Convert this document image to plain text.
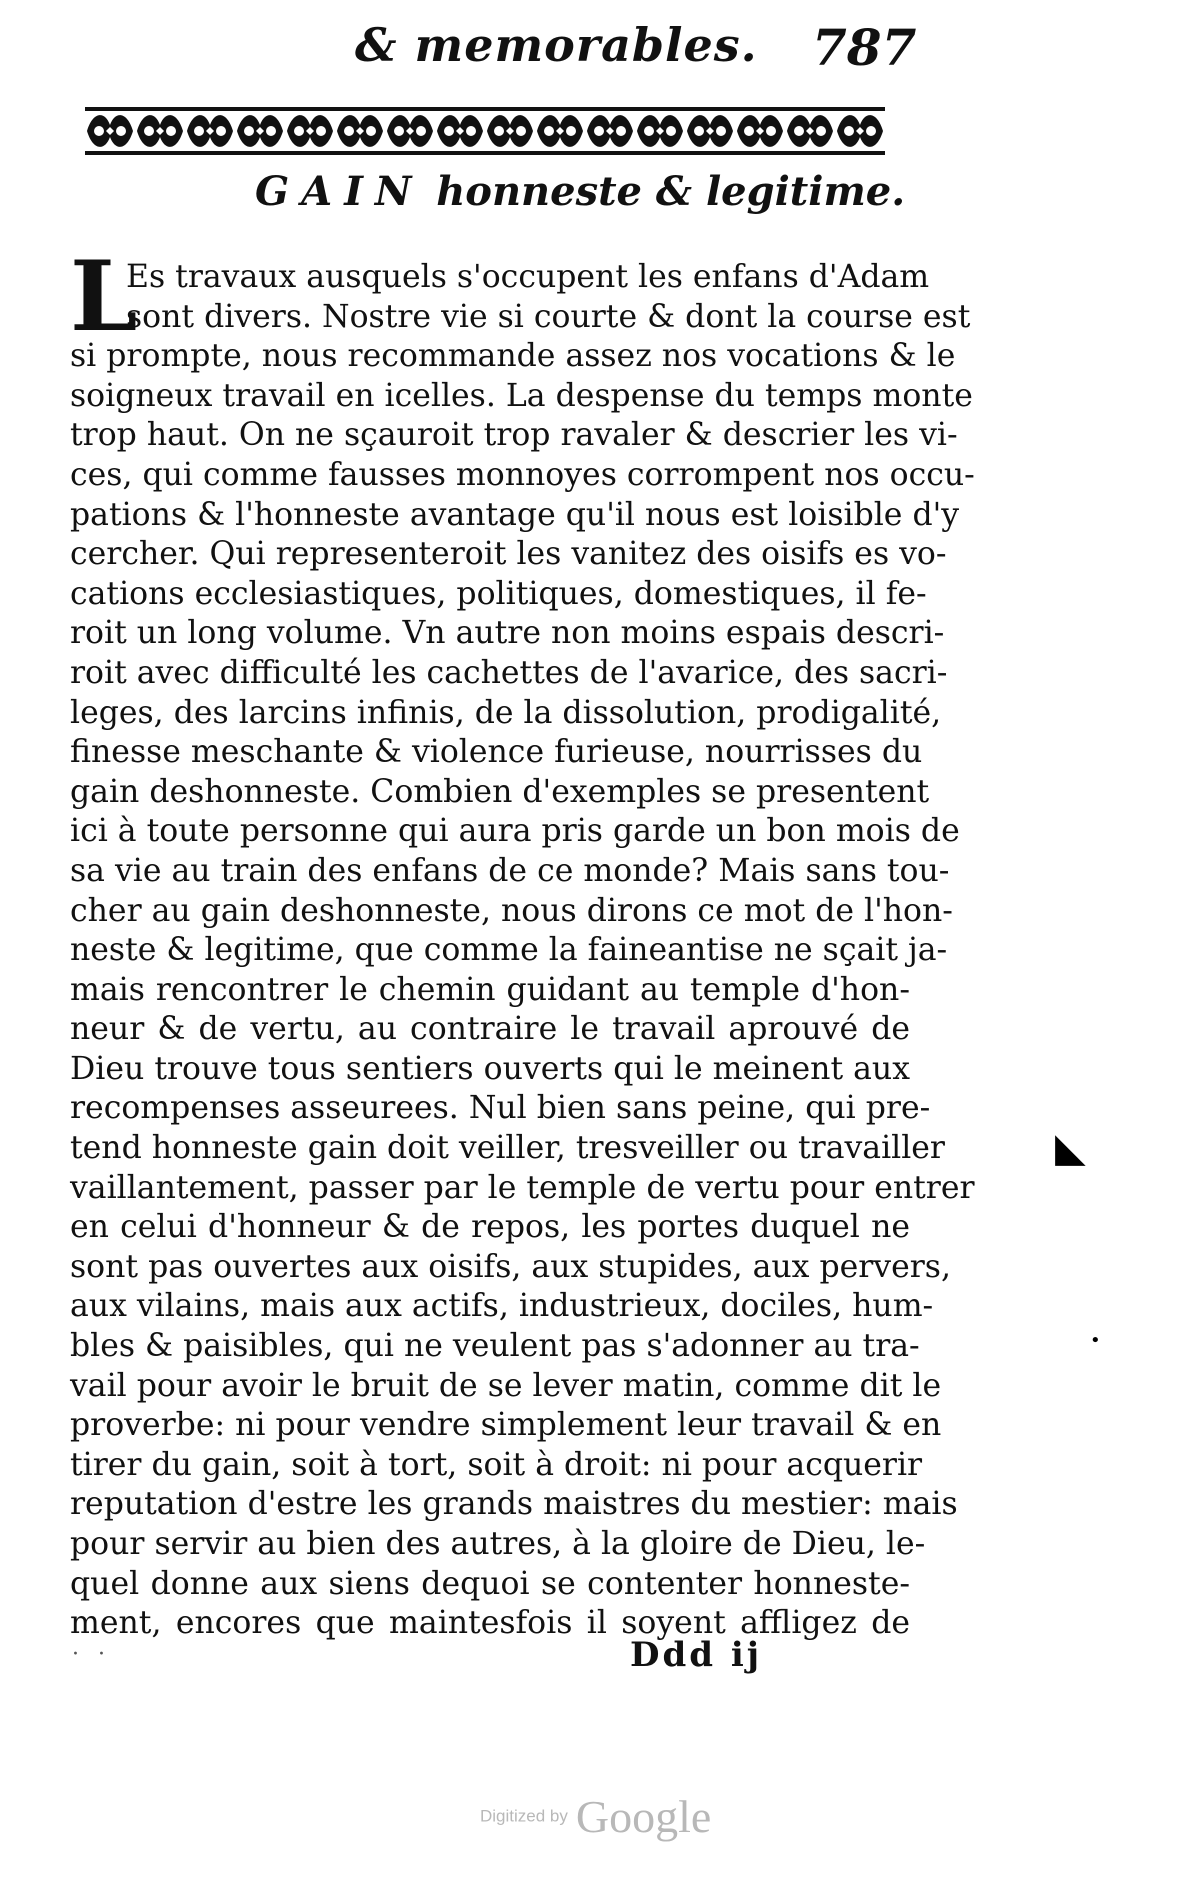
& memorables. 787
GAIN honneste & legitime.
L
Es travaux ausquels s'occupent les enfans d'Adam
sont divers. Nostre vie si courte & dont la course est
si prompte, nous recommande assez nos vocations & le
soigneux travail en icelles. La despense du temps monte
trop haut. On ne sçauroit trop ravaler & descrier les vi-
ces, qui comme fausses monnoyes corrompent nos occu-
pations & l'honneste avantage qu'il nous est loisible d'y
cercher. Qui representeroit les vanitez des oisifs es vo-
cations ecclesiastiques, politiques, domestiques, il fe-
roit un long volume. Vn autre non moins espais descri-
roit avec difficulté les cachettes de l'avarice, des sacri-
leges, des larcins infinis, de la dissolution, prodigalité,
finesse meschante & violence furieuse, nourrisses du
gain deshonneste. Combien d'exemples se presentent
ici à toute personne qui aura pris garde un bon mois de
sa vie au train des enfans de ce monde? Mais sans tou-
cher au gain deshonneste, nous dirons ce mot de l'hon-
neste & legitime, que comme la faineantise ne sçait ja-
mais rencontrer le chemin guidant au temple d'hon-
neur & de vertu, au contraire le travail aprouvé de
Dieu trouve tous sentiers ouverts qui le meinent aux
recompenses asseurees. Nul bien sans peine, qui pre-
tend honneste gain doit veiller, tresveiller ou travailler
vaillantement, passer par le temple de vertu pour entrer
en celui d'honneur & de repos, les portes duquel ne
sont pas ouvertes aux oisifs, aux stupides, aux pervers,
aux vilains, mais aux actifs, industrieux, dociles, hum-
bles & paisibles, qui ne veulent pas s'adonner au tra-
vail pour avoir le bruit de se lever matin, comme dit le
proverbe: ni pour vendre simplement leur travail & en
tirer du gain, soit à tort, soit à droit: ni pour acquerir
reputation d'estre les grands maistres du mestier: mais
pour servir au bien des autres, à la gloire de Dieu, le-
quel donne aux siens dequoi se contenter honneste-
ment, encores que maintesfois il soyent affligez de
· ·	Ddd ij
◣
•
Digitized by Google
